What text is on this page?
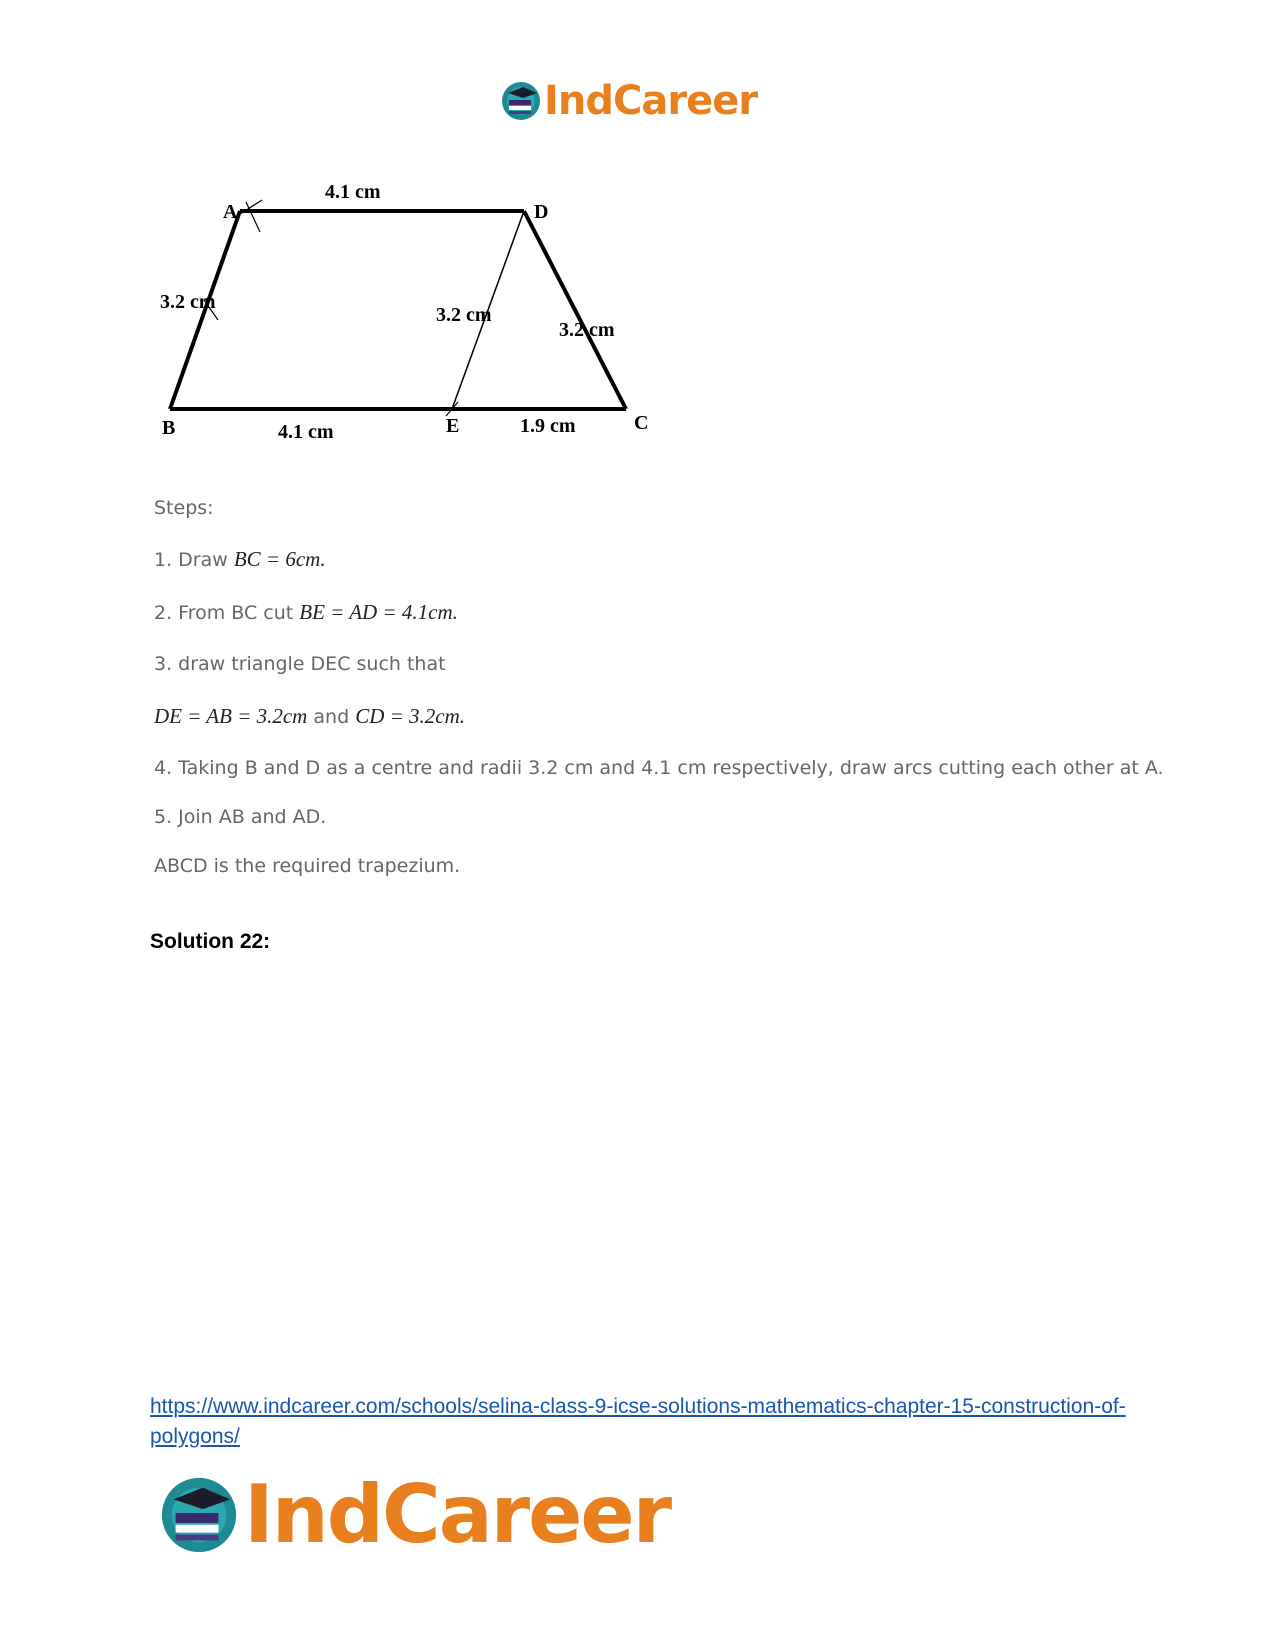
IndCareer
A	D
B	E	C
4.1 cm
3.2 cm
3.2 cm
3.2 cm
4.1 cm	1.9 cm
Steps:
1. Draw BC = 6cm.
2. From BC cut BE = AD = 4.1cm.
3. draw triangle DEC such that
DE = AB = 3.2cm and CD = 3.2cm.
4. Taking B and D as a centre and radii 3.2 cm and 4.1 cm respectively, draw arcs cutting each other at A.
5. Join AB and AD.
ABCD is the required trapezium.
Solution 22:
https://www.indcareer.com/schools/selina-class-9-icse-solutions-mathematics-chapter-15-construction-of-polygons/
IndCareer
